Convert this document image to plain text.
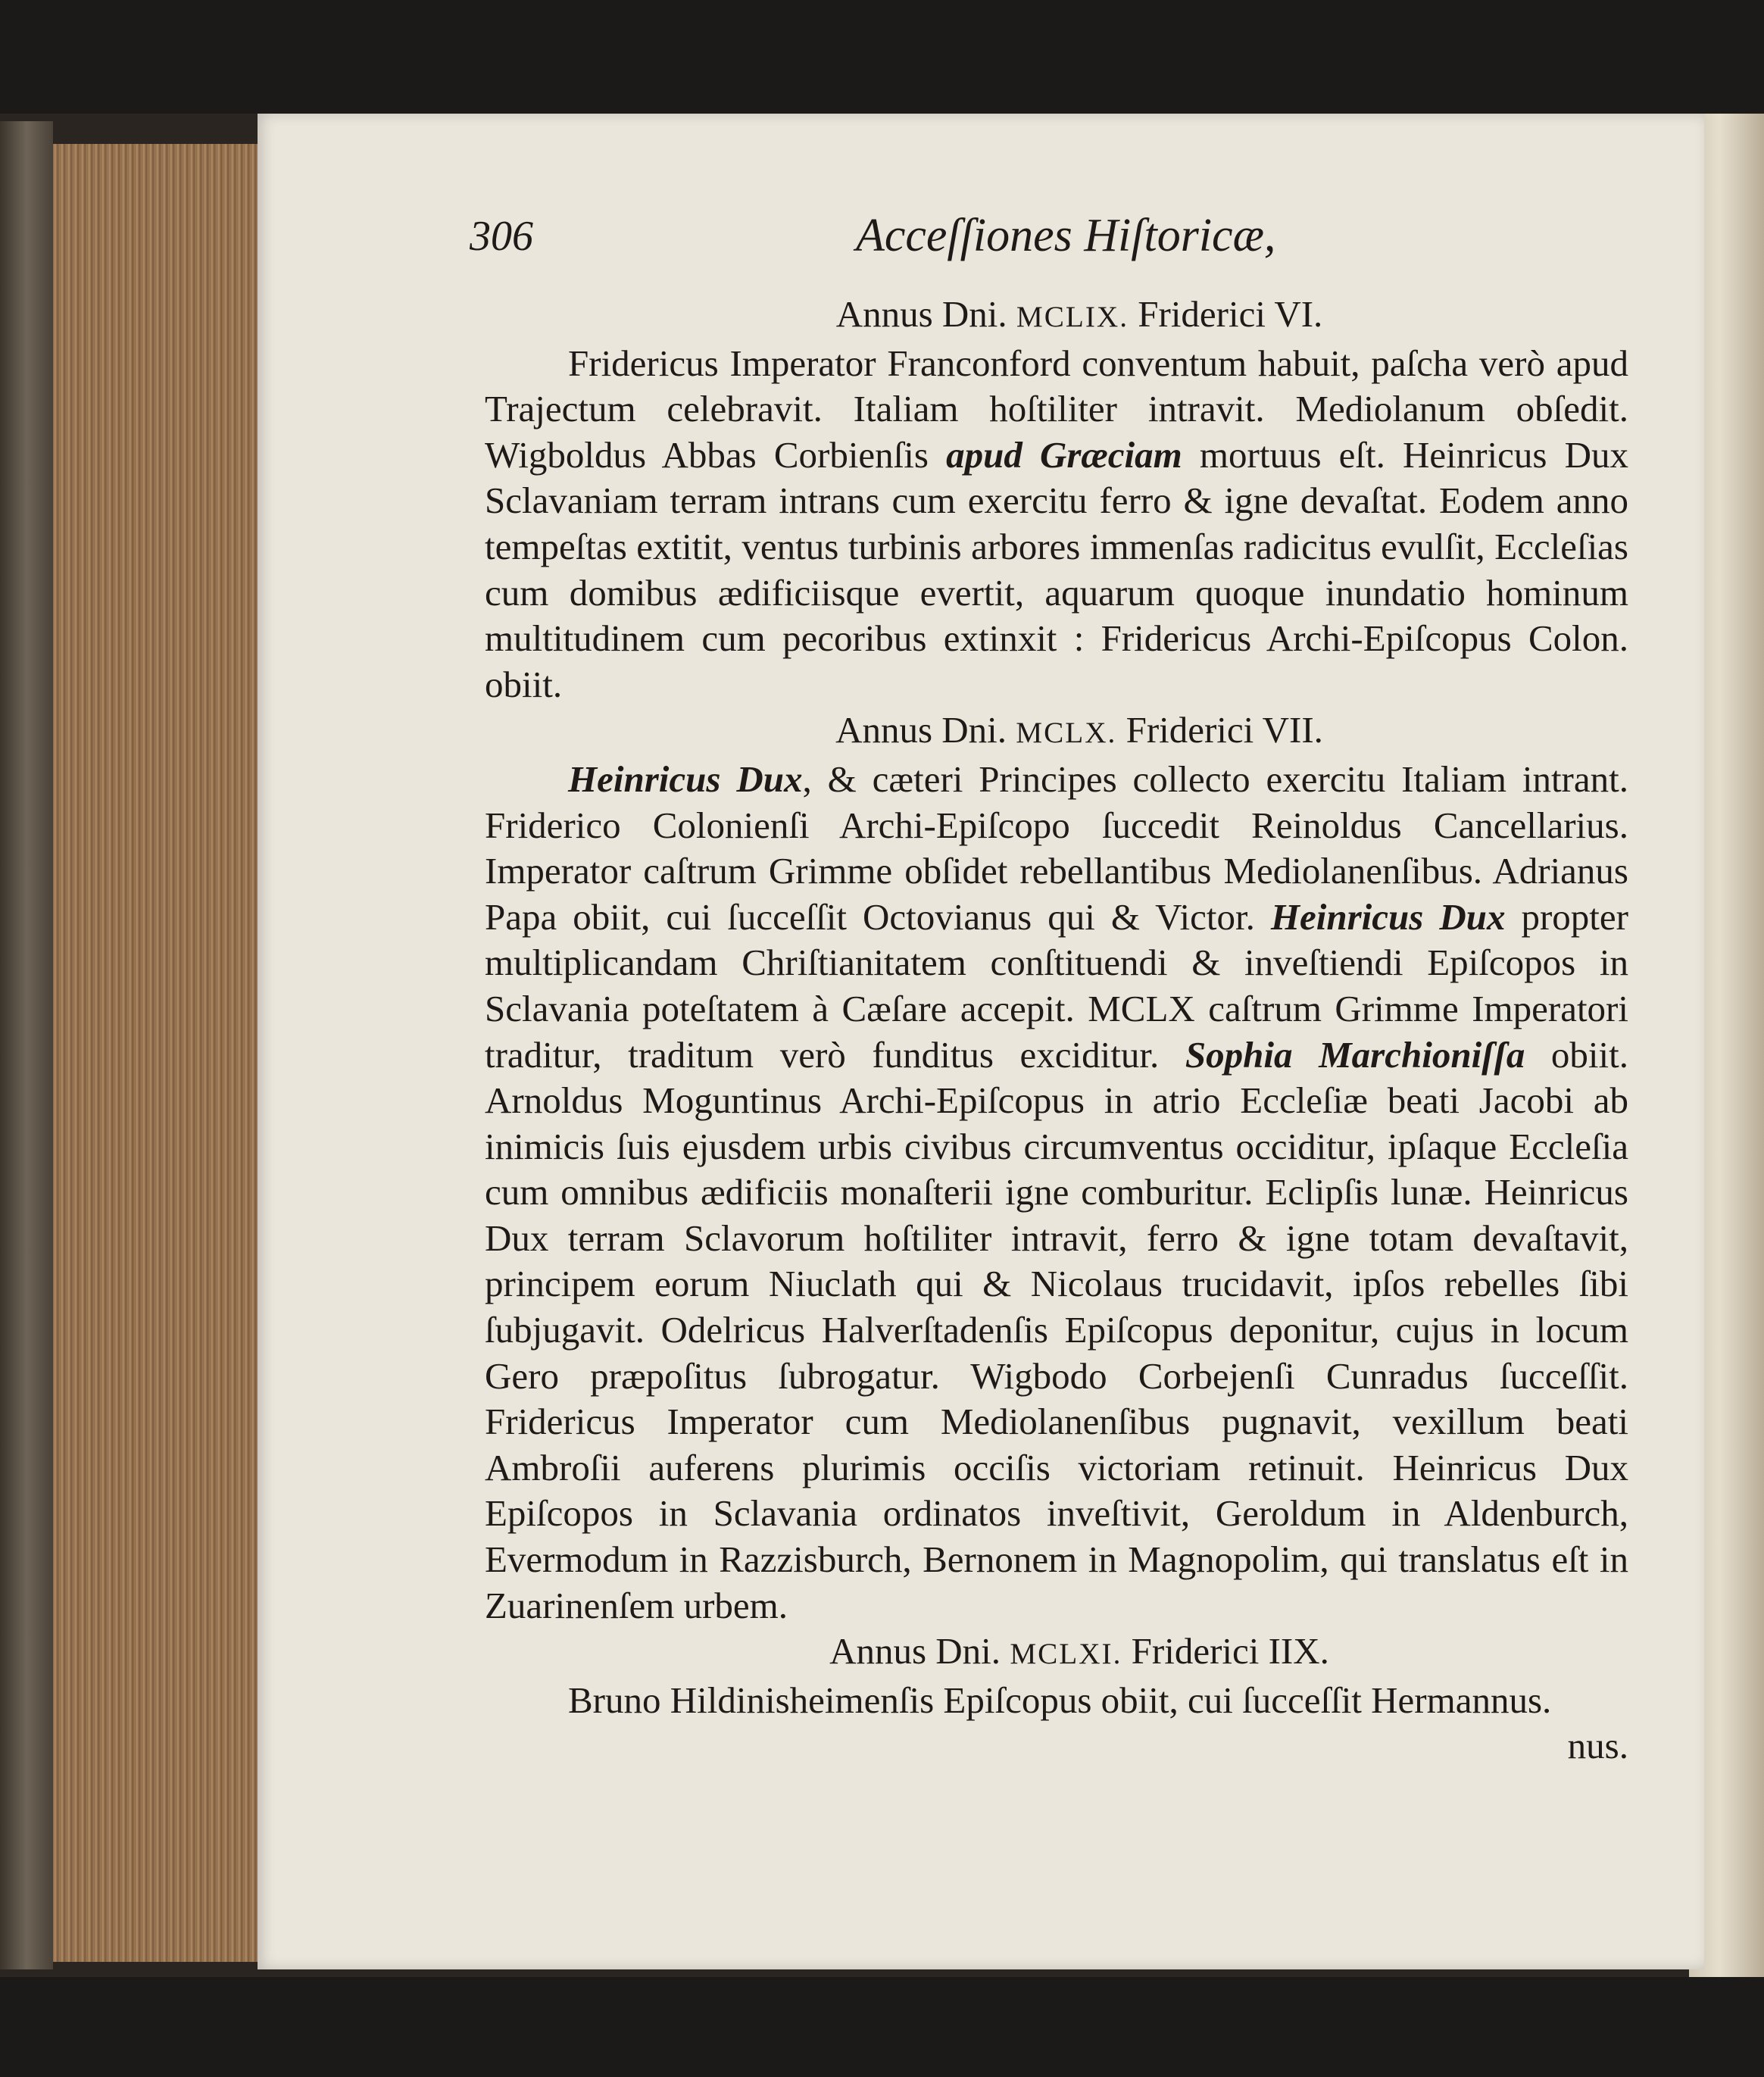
306	Acceſſiones Hiſtoricæ,

Annus Dni. MCLIX. Friderici VI.

Fridericus Imperator Franconford conventum habuit, paſcha verò apud Trajectum celebravit. Italiam hoſtiliter intravit. Mediolanum obſedit. Wigboldus Abbas Corbienſis apud Græciam mortuus eſt. Heinricus Dux Sclavaniam terram intrans cum exercitu ferro & igne devaſtat. Eodem anno tempeſtas extitit, ventus turbinis arbores immenſas radicitus evulſit, Eccleſias cum domibus ædificiisque evertit, aquarum quoque inundatio hominum multitudinem cum pecoribus extinxit : Fridericus Archi-Epiſcopus Colon. obiit.

Annus Dni. MCLX. Friderici VII.

Heinricus Dux, & cæteri Principes collecto exercitu Italiam intrant. Friderico Colonienſi Archi-Epiſcopo ſuccedit Reinoldus Cancellarius. Imperator caſtrum Grimme obſidet rebellantibus Mediolanenſibus. Adrianus Papa obiit, cui ſucceſſit Octovianus qui & Victor. Heinricus Dux propter multiplicandam Chriſtianitatem conſtituendi & inveſtiendi Epiſcopos in Sclavania poteſtatem à Cæſare accepit. MCLX caſtrum Grimme Imperatori traditur, traditum verò funditus exciditur. Sophia Marchioniſſa obiit. Arnoldus Moguntinus Archi-Epiſcopus in atrio Eccleſiæ beati Jacobi ab inimicis ſuis ejusdem urbis civibus circumventus occiditur, ipſaque Eccleſia cum omnibus ædificiis monaſterii igne comburitur. Eclipſis lunæ. Heinricus Dux terram Sclavorum hoſtiliter intravit, ferro & igne totam devaſtavit, principem eorum Niuclath qui & Nicolaus trucidavit, ipſos rebelles ſibi ſubjugavit. Odelricus Halverſtadenſis Epiſcopus deponitur, cujus in locum Gero præpoſitus ſubrogatur. Wigbodo Corbejenſi Cunradus ſucceſſit. Fridericus Imperator cum Mediolanenſibus pugnavit, vexillum beati Ambroſii auferens plurimis occiſis victoriam retinuit. Heinricus Dux Epiſcopos in Sclavania ordinatos inveſtivit, Geroldum in Aldenburch, Evermodum in Razzisburch, Bernonem in Magnopolim, qui translatus eſt in Zuarinenſem urbem.

Annus Dni. MCLXI. Friderici IIX.

Bruno Hildinisheimenſis Epiſcopus obiit, cui ſucceſſit Hermannus.

nus.
